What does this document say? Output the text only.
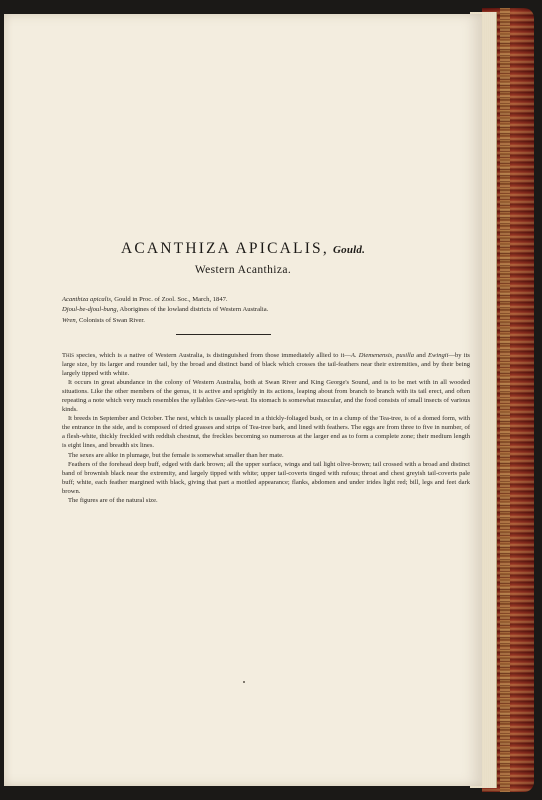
ACANTHIZA APICALIS, Gould.
Western Acanthiza.
Acanthiza apicalis, Gould in Proc. of Zool. Soc., March, 1847.
Djoul-be-djoul-bung, Aborigines of the lowland districts of Western Australia.
Wren, Colonists of Swan River.

This species, which is a native of Western Australia, is distinguished from those immediately allied to it—A. Diemenensis, pusilla and Ewingii—by its large size, by its larger and rounder tail, by the broad and distinct band of black which crosses the tail-feathers near their extremities, and by their being largely tipped with white.

It occurs in great abundance in the colony of Western Australia, both at Swan River and King George's Sound, and is to be met with in all wooded situations. Like the other members of the genus, it is active and sprightly in its actions, leaping about from branch to branch with its tail erect, and often repeating a note which very much resembles the syllables Gee-wo-wut. Its stomach is somewhat muscular, and the food consists of small insects of various kinds.

It breeds in September and October. The nest, which is usually placed in a thickly-foliaged bush, or in a clump of the Tea-tree, is of a domed form, with the entrance in the side, and is composed of dried grasses and strips of Tea-tree bark, and lined with feathers. The eggs are from three to five in number, of a flesh-white, thickly freckled with reddish chestnut, the freckles becoming so numerous at the larger end as to form a complete zone; their medium length is eight lines, and breadth six lines.

The sexes are alike in plumage, but the female is somewhat smaller than her mate.

Feathers of the forehead deep buff, edged with dark brown; all the upper surface, wings and tail light olive-brown; tail crossed with a broad and distinct band of brownish black near the extremity, and largely tipped with white; upper tail-coverts tinged with rufous; throat and chest greyish tail-coverts pale buff; white, each feather margined with black, giving that part a mottled appearance; flanks, abdomen and under irides light red; bill, legs and feet dark brown.

The figures are of the natural size.
